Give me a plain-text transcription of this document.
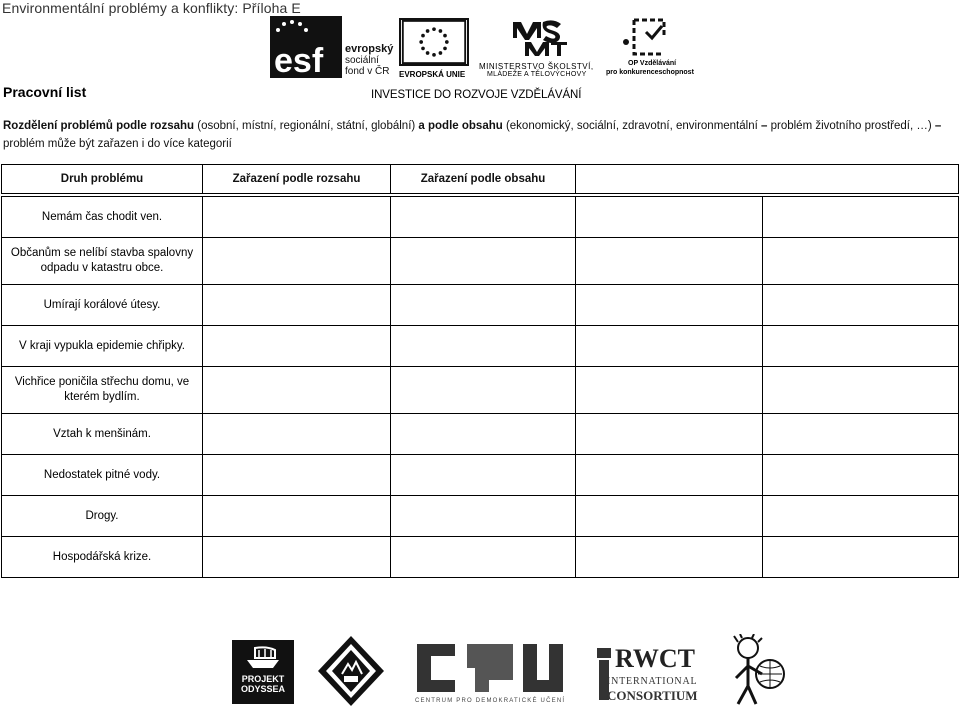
Environmentální problémy a konflikty: Příloha E
esf evropský
sociální
fond v ČR	EVROPSKÁ UNIE
MINISTERSTVO ŠKOLSTVÍ,
MLÁDEŽE A TĚLOVÝCHOVY
OP Vzdělávání
pro konkurenceschopnost
INVESTICE DO ROZVOJE VZDĚLÁVÁNÍ
Pracovní list
Rozdělení problémů podle rozsahu (osobní, místní, regionální, státní, globální) a podle obsahu (ekonomický, sociální, zdravotní, environmentální – problém životního prostředí, …) – problém může být zařazen i do více kategorií
Druh problému	Zařazení podle rozsahu	Zařazení podle obsahu		

Nemám čas chodit ven.				
Občanům se nelíbí stavba spalovny odpadu v katastru obce.				
Umírají korálové útesy.				
V kraji vypukla epidemie chřipky.				
Vichřice poničila střechu domu, ve kterém bydlím.				
Vztah k menšinám.				
Nedostatek pitné vody.				
Drogy.				
Hospodářská krize.				
PROJEKT
ODYSSEA
CENTRUM PRO DEMOKRATICKÉ UČENÍ
RWCT
INTERNATIONAL
CONSORTIUM
